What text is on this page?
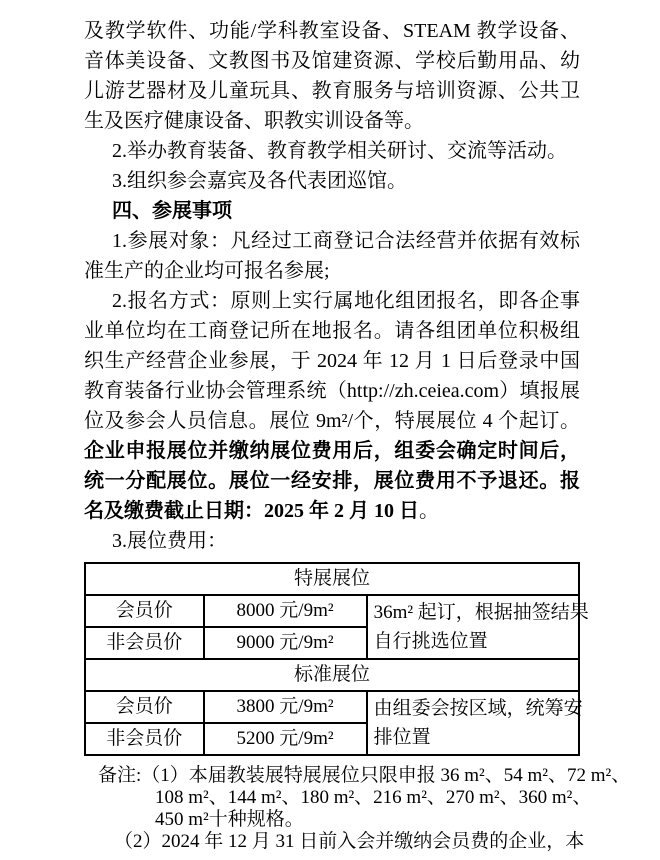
及教学软件、功能/学科教室设备、STEAM 教学设备、音体美设备、文教图书及馆建资源、学校后勤用品、幼儿游艺器材及儿童玩具、教育服务与培训资源、公共卫生及医疗健康设备、职教实训设备等。

2.举办教育装备、教育教学相关研讨、交流等活动。

3.组织参会嘉宾及各代表团巡馆。

四、参展事项

1.参展对象：凡经过工商登记合法经营并依据有效标准生产的企业均可报名参展;

2.报名方式：原则上实行属地化组团报名，即各企事业单位均在工商登记所在地报名。请各组团单位积极组织生产经营企业参展，于 2024 年 12 月 1 日后登录中国教育装备行业协会管理系统（http://zh.ceiea.com）填报展位及参会人员信息。展位 9m²/个，特展展位 4 个起订。企业申报展位并缴纳展位费用后，组委会确定时间后，统一分配展位。展位一经安排，展位费用不予退还。报名及缴费截止日期：2025 年 2 月 10 日。

3.展位费用：

特展展位		
会员价	8000 元/9m²	36m² 起订，根据抽签结果
自行挑选位置

非会员价	9000 元/9m²	
标准展位		
会员价	3800 元/9m²	由组委会按区域，统筹安
排位置

非会员价	5200 元/9m²	
备注:（1）本届教装展特展展位只限申报 36 m²、54 m²、72 m²、
108 m²、144 m²、180 m²、216 m²、270 m²、360 m²、
450 m²十种规格。
（2）2024 年 12 月 31 日前入会并缴纳会员费的企业，本
